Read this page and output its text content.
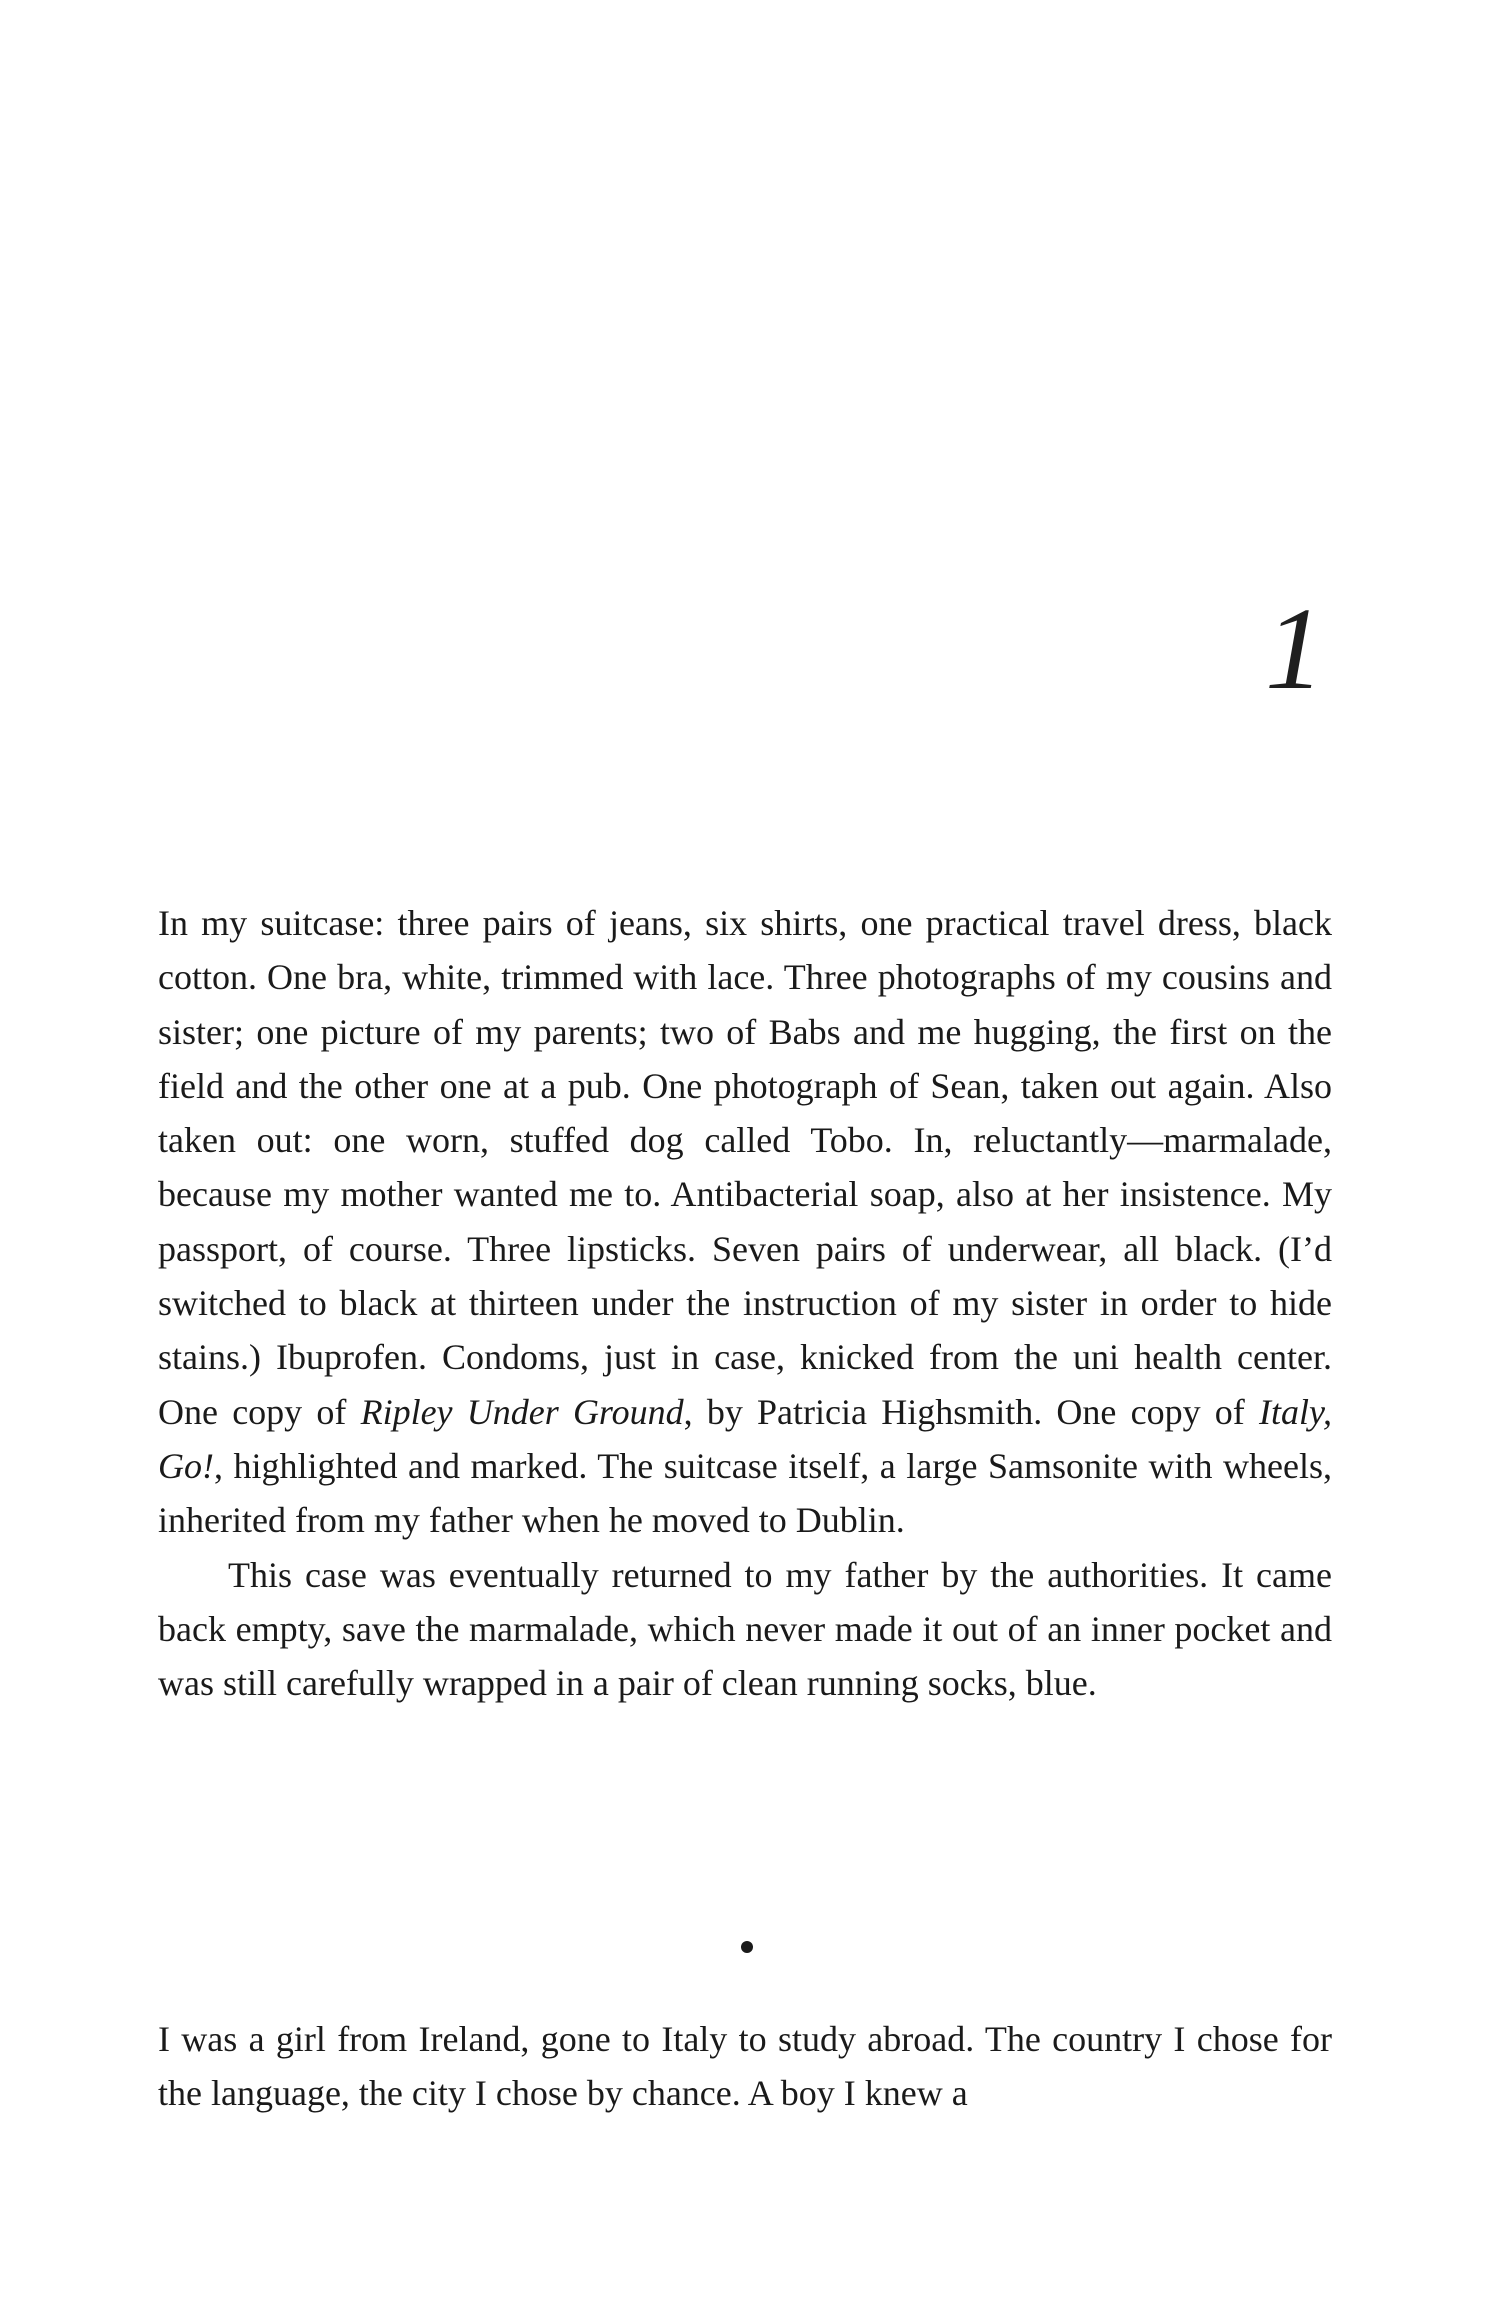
1

In my suitcase: three pairs of jeans, six shirts, one practical travel dress, black cotton. One bra, white, trimmed with lace. Three photographs of my cousins and sister; one picture of my parents; two of Babs and me hugging, the first on the field and the other one at a pub. One photograph of Sean, taken out again. Also taken out: one worn, stuffed dog called Tobo. In, reluctantly—marmalade, because my mother wanted me to. Antibacterial soap, also at her insistence. My passport, of course. Three lipsticks. Seven pairs of underwear, all black. (I’d switched to black at thirteen under the instruction of my sister in order to hide stains.) Ibuprofen. Condoms, just in case, knicked from the uni health center. One copy of Ripley Under Ground, by Patricia Highsmith. One copy of Italy, Go!, highlighted and marked. The suitcase itself, a large Samsonite with wheels, inherited from my father when he moved to Dublin.

This case was eventually returned to my father by the authorities. It came back empty, save the marmalade, which never made it out of an inner pocket and was still carefully wrapped in a pair of clean running socks, blue.

I was a girl from Ireland, gone to Italy to study abroad. The country I chose for the language, the city I chose by chance. A boy I knew a
